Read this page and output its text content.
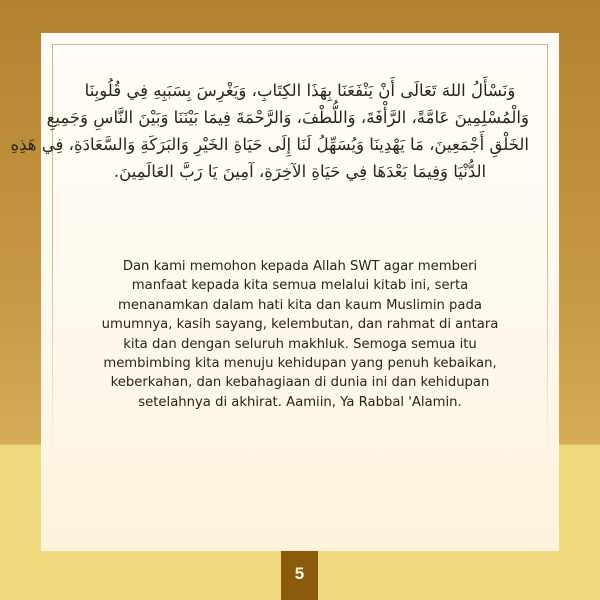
وَنَسْأَلُ اللهَ تَعَالَى أَنْ يَنْفَعَنَا بِهَذَا الكِتَابِ، وَيَغْرِسَ بِسَبَبِهِ فِي قُلُوبِنَا
وَالْمُسْلِمِينَ عَامَّةً، الرَّأْفَةَ، وَاللُّطْفَ، وَالرَّحْمَةَ فِيمَا بَيْنَنَا وَبَيْنَ النَّاسِ وَجَمِيعِ
الخَلْقِ أَجْمَعِينَ، مَا يَهْدِينَا وَيُسَهِّلُ لَنَا إِلَى حَيَاةِ الخَيْرِ وَالبَرَكَةِ وَالسَّعَادَةِ، فِي هَذِهِ
الدُّنْيَا وَفِيمَا بَعْدَهَا فِي حَيَاةِ الآخِرَةِ، آمِينَ يَا رَبَّ العَالَمِينَ.
Dan kami memohon kepada Allah SWT agar memberi
manfaat kepada kita semua melalui kitab ini, serta
menanamkan dalam hati kita dan kaum Muslimin pada
umumnya, kasih sayang, kelembutan, dan rahmat di antara
kita dan dengan seluruh makhluk. Semoga semua itu
membimbing kita menuju kehidupan yang penuh kebaikan,
keberkahan, dan kebahagiaan di dunia ini dan kehidupan
setelahnya di akhirat. Aamiin, Ya Rabbal 'Alamin.
5
